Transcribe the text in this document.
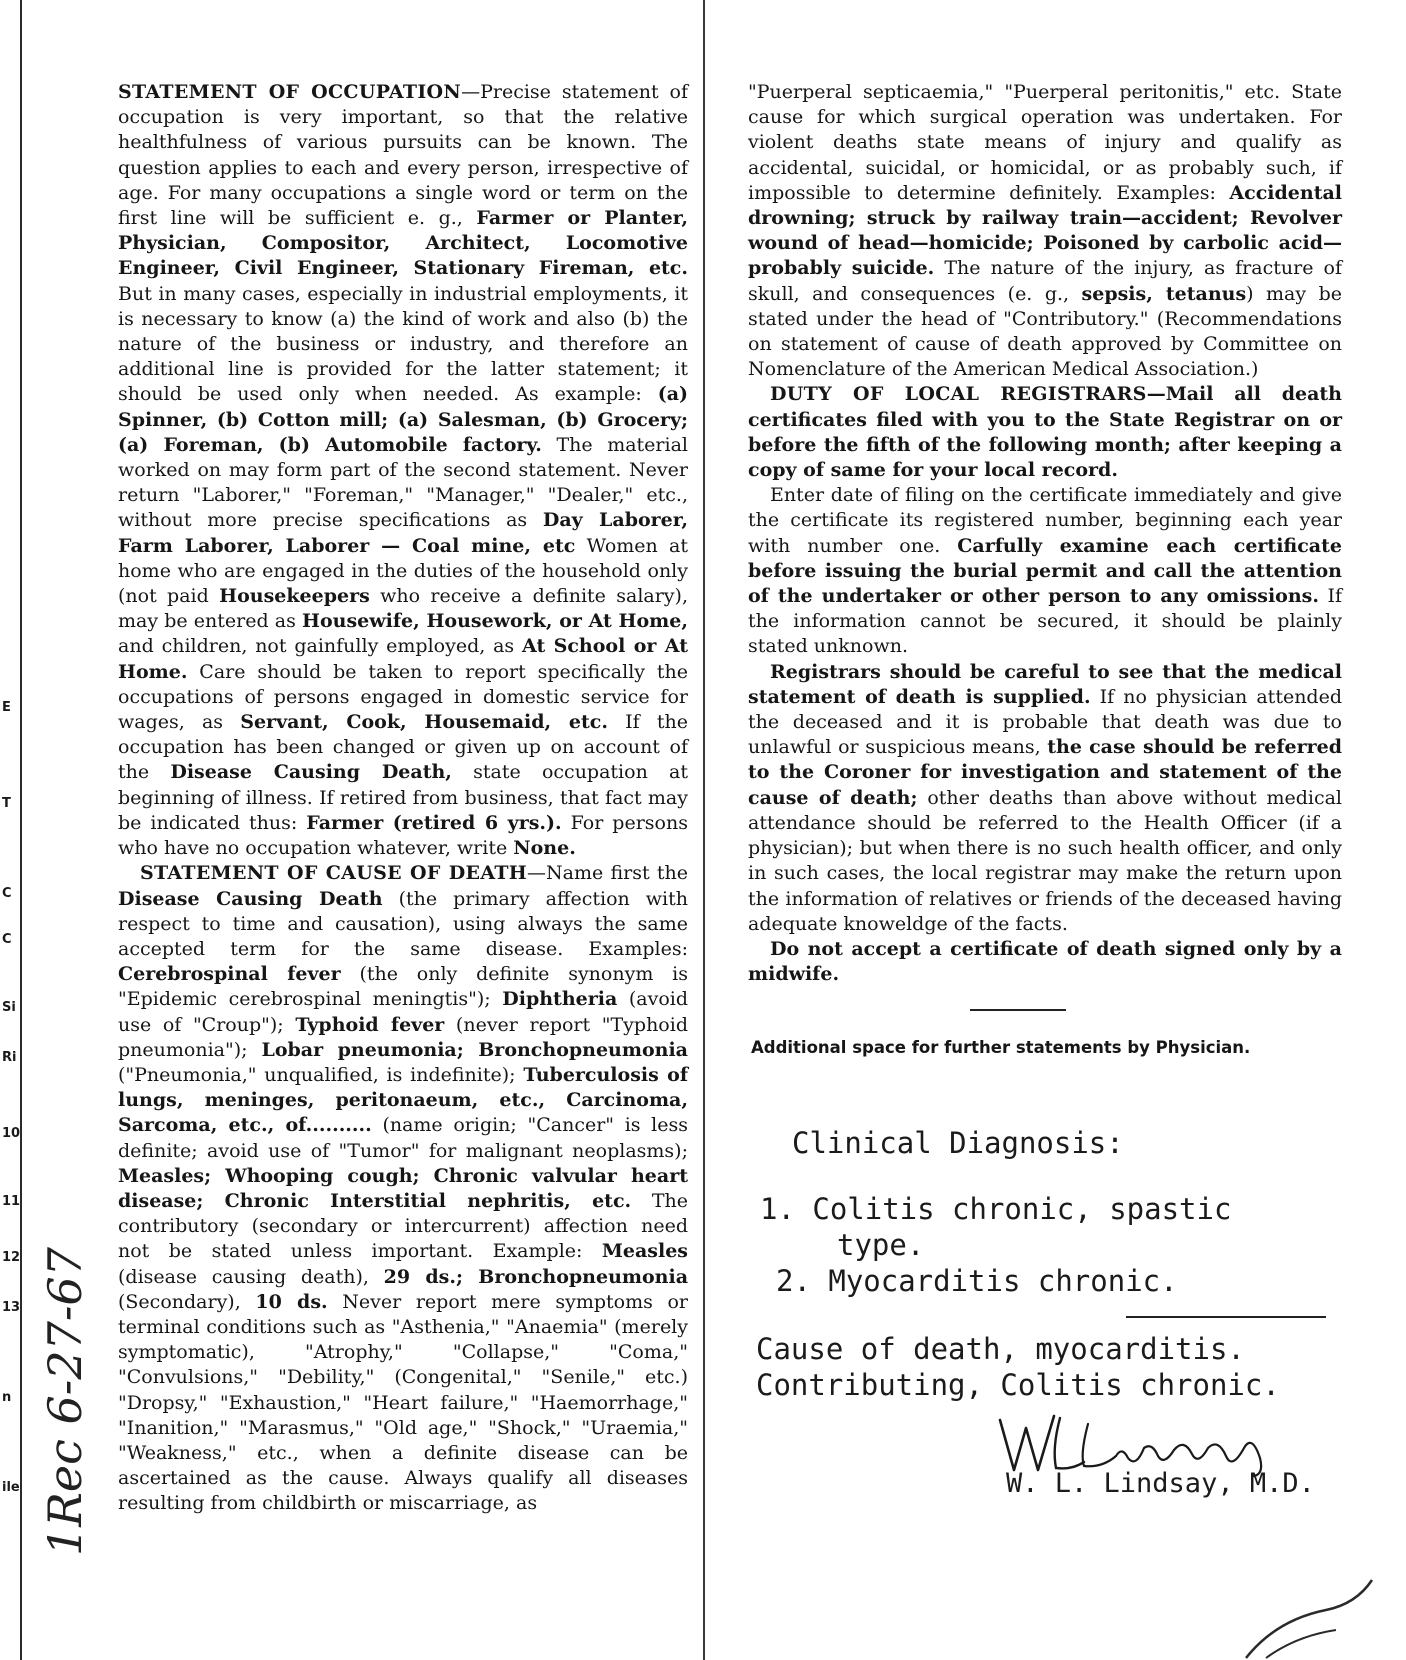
E
C
T
C
Si
Ri
10
11
12
13
n
ile

STATEMENT OF OCCUPATION—Precise statement of occupation is very important, so that the relative healthfulness of various pursuits can be known. The question applies to each and every person, irrespective of age. For many occupations a single word or term on the first line will be sufficient e. g., Farmer or Planter, Physician, Compositor, Architect, Locomotive Engineer, Civil Engineer, Stationary Fireman, etc. But in many cases, especially in industrial employments, it is necessary to know (a) the kind of work and also (b) the nature of the business or industry, and therefore an additional line is provided for the latter statement; it should be used only when needed. As example: (a) Spinner, (b) Cotton mill; (a) Salesman, (b) Grocery; (a) Foreman, (b) Automobile factory. The material worked on may form part of the second statement. Never return "Laborer," "Foreman," "Manager," "Dealer," etc., without more precise specifications as Day Laborer, Farm Laborer, Laborer — Coal mine, etc Women at home who are engaged in the duties of the household only (not paid Housekeepers who receive a definite salary), may be entered as Housewife, Housework, or At Home, and children, not gainfully employed, as At School or At Home. Care should be taken to report specifically the occupations of persons engaged in domestic service for wages, as Servant, Cook, Housemaid, etc. If the occupation has been changed or given up on account of the Disease Causing Death, state occupation at beginning of illness. If retired from business, that fact may be indicated thus: Farmer (retired 6 yrs.). For persons who have no occupation whatever, write None.

STATEMENT OF CAUSE OF DEATH—Name first the Disease Causing Death (the primary affection with respect to time and causation), using always the same accepted term for the same disease. Examples: Cerebrospinal fever (the only definite synonym is "Epidemic cerebrospinal meningtis"); Diphtheria (avoid use of "Croup"); Typhoid fever (never report "Typhoid pneumonia"); Lobar pneumonia; Bronchopneumonia ("Pneumonia," unqualified, is indefinite); Tuberculosis of lungs, meninges, peritonaeum, etc., Carcinoma, Sarcoma, etc., of.......... (name origin; "Cancer" is less definite; avoid use of "Tumor" for malignant neoplasms); Measles; Whooping cough; Chronic valvular heart disease; Chronic Interstitial nephritis, etc. The contributory (secondary or intercurrent) affection need not be stated unless important. Example: Measles (disease causing death), 29 ds.; Bronchopneumonia (Secondary), 10 ds. Never report mere symptoms or terminal conditions such as "Asthenia," "Anaemia" (merely symptomatic), "Atrophy," "Collapse," "Coma," "Convulsions," "Debility," (Congenital," "Senile," etc.) "Dropsy," "Exhaustion," "Heart failure," "Haemorrhage," "Inanition," "Marasmus," "Old age," "Shock," "Uraemia," "Weakness," etc., when a definite disease can be ascertained as the cause. Always qualify all diseases resulting from childbirth or miscarriage, as

"Puerperal septicaemia," "Puerperal peritonitis," etc. State cause for which surgical operation was undertaken. For violent deaths state means of injury and qualify as accidental, suicidal, or homicidal, or as probably such, if impossible to determine definitely. Examples: Accidental drowning; struck by railway train—accident; Revolver wound of head—homicide; Poisoned by carbolic acid—probably suicide. The nature of the injury, as fracture of skull, and consequences (e. g., sepsis, tetanus) may be stated under the head of "Contributory." (Recommendations on statement of cause of death approved by Committee on Nomenclature of the American Medical Association.)

DUTY OF LOCAL REGISTRARS—Mail all death certificates filed with you to the State Registrar on or before the fifth of the following month; after keeping a copy of same for your local record.

Enter date of filing on the certificate immediately and give the certificate its registered number, beginning each year with number one. Carfully examine each certificate before issuing the burial permit and call the attention of the undertaker or other person to any omissions. If the information cannot be secured, it should be plainly stated unknown.

Registrars should be careful to see that the medical statement of death is supplied. If no physician attended the deceased and it is probable that death was due to unlawful or suspicious means, the case should be referred to the Coroner for investigation and statement of the cause of death; other deaths than above without medical attendance should be referred to the Health Officer (if a physician); but when there is no such health officer, and only in such cases, the local registrar may make the return upon the information of relatives or friends of the deceased having adequate knoweldge of the facts.

Do not accept a certificate of death signed only by a midwife.

Additional space for further statements by Physician.
Clinical Diagnosis:
1. Colitis chronic, spastic
type.
2. Myocarditis chronic.
Cause of death, myocarditis.
Contributing, Colitis chronic.
W. L. Lindsay, M.D.
1Rec 6-27-67
